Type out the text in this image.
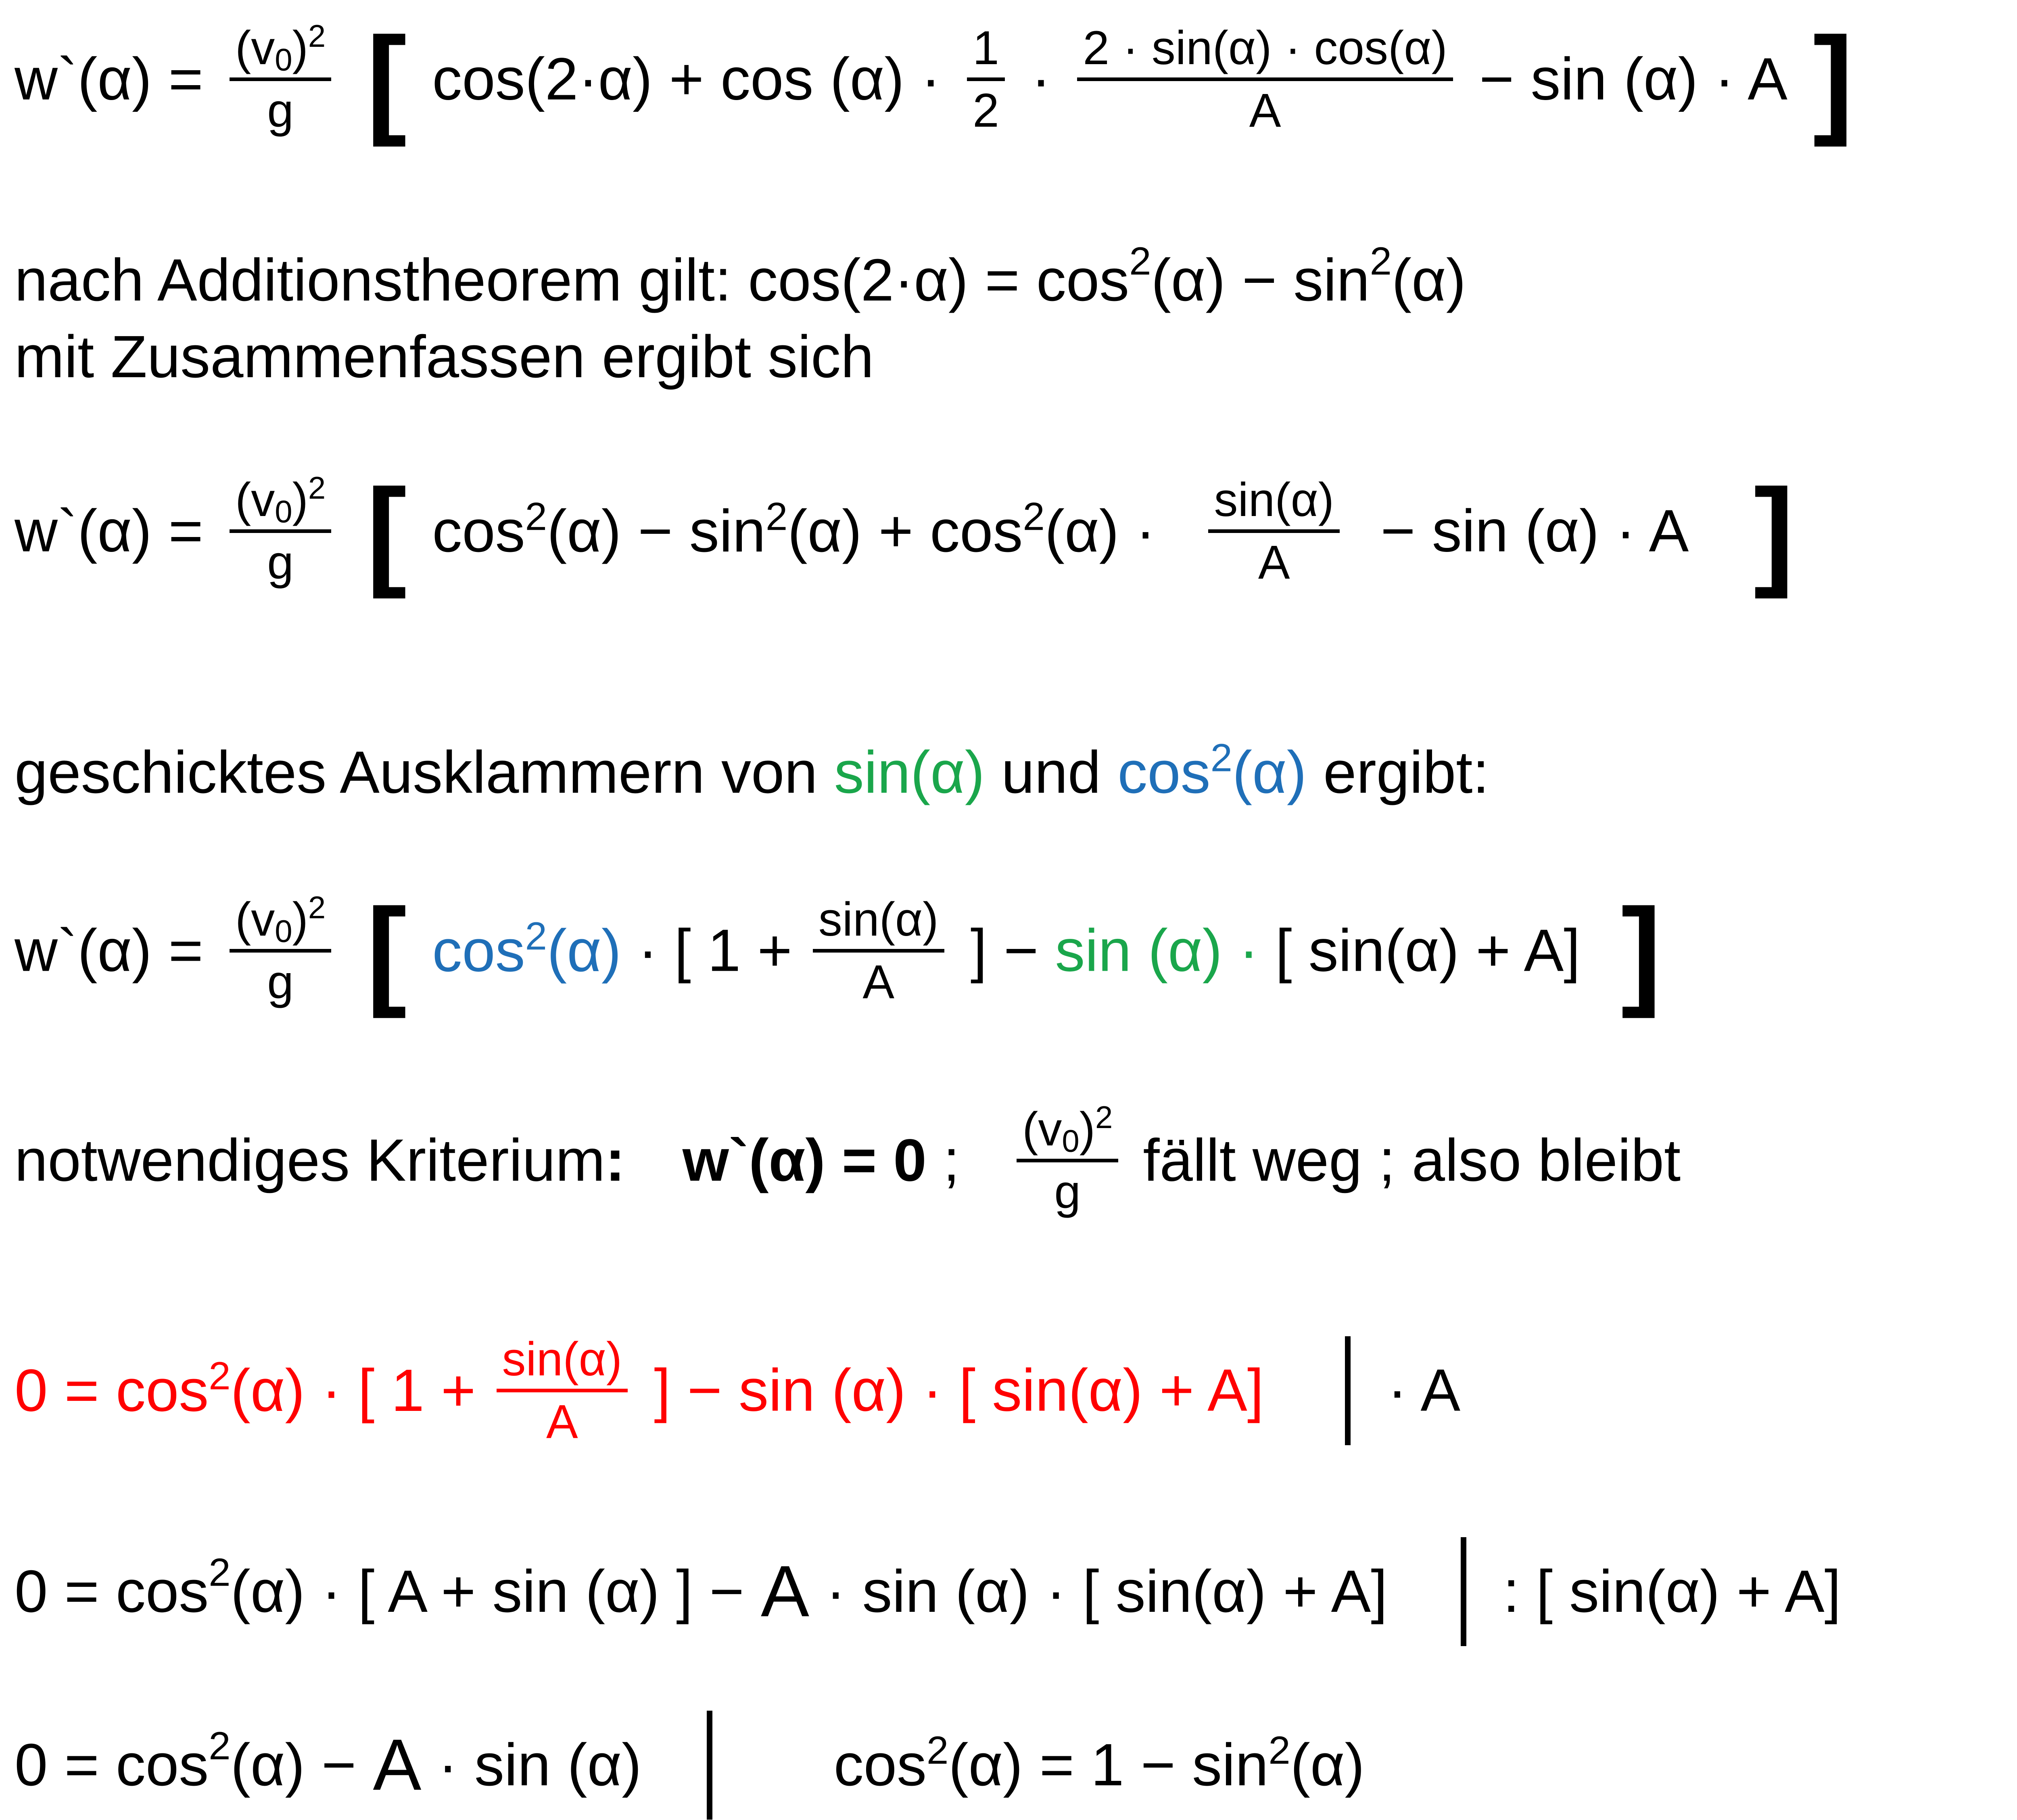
w`(α) = $\frac{(v_0)^2}{g}$ [ $\cos(2\cdot\alpha) + \cos (\alpha) \cdot \frac{1}{2} \cdot \frac{2 \cdot \sin(\alpha) \cdot \cos(\alpha)}{A} - \sin (\alpha) \cdot A$ ]
nach Additionstheorem gilt: $\cos(2\cdot\alpha) = \cos^2(\alpha) - \sin^2(\alpha)$
mit Zusammenfassen ergibt sich
w`(α) = $\frac{(v_0)^2}{g}$ [ $\cos^2(\alpha) - \sin^2(\alpha) + \cos^2(\alpha) \cdot \frac{\sin(\alpha)}{A} - \sin (\alpha) \cdot A$ ]
geschicktes Ausklammern von sin(α) und $\cos^2(\alpha)$ ergibt:
w`(α) = $\frac{(v_0)^2}{g}$ [ $\cos^2(\alpha)$ · [ $1 + \frac{\sin(\alpha)}{A}$ ] − sin (α) · [ sin(α) + A] ]
notwendiges Kriterium: w`(α) = 0 ; $\frac{(v_0)^2}{g}$ fällt weg ; also bleibt
$0 = \cos^2(\alpha)$ · [ $1 + \frac{\sin(\alpha)}{A}$ ] − sin (α) · [ sin(α) + A] · A
$0 = \cos^2(\alpha)$ · [ A + sin (α) ] − A · sin (α) · [ sin(α) + A] : [ sin(α) + A]
$0 = \cos^2(\alpha) - A \cdot \sin (\alpha)$	$\cos^2(\alpha) = 1 - \sin^2(\alpha)$
